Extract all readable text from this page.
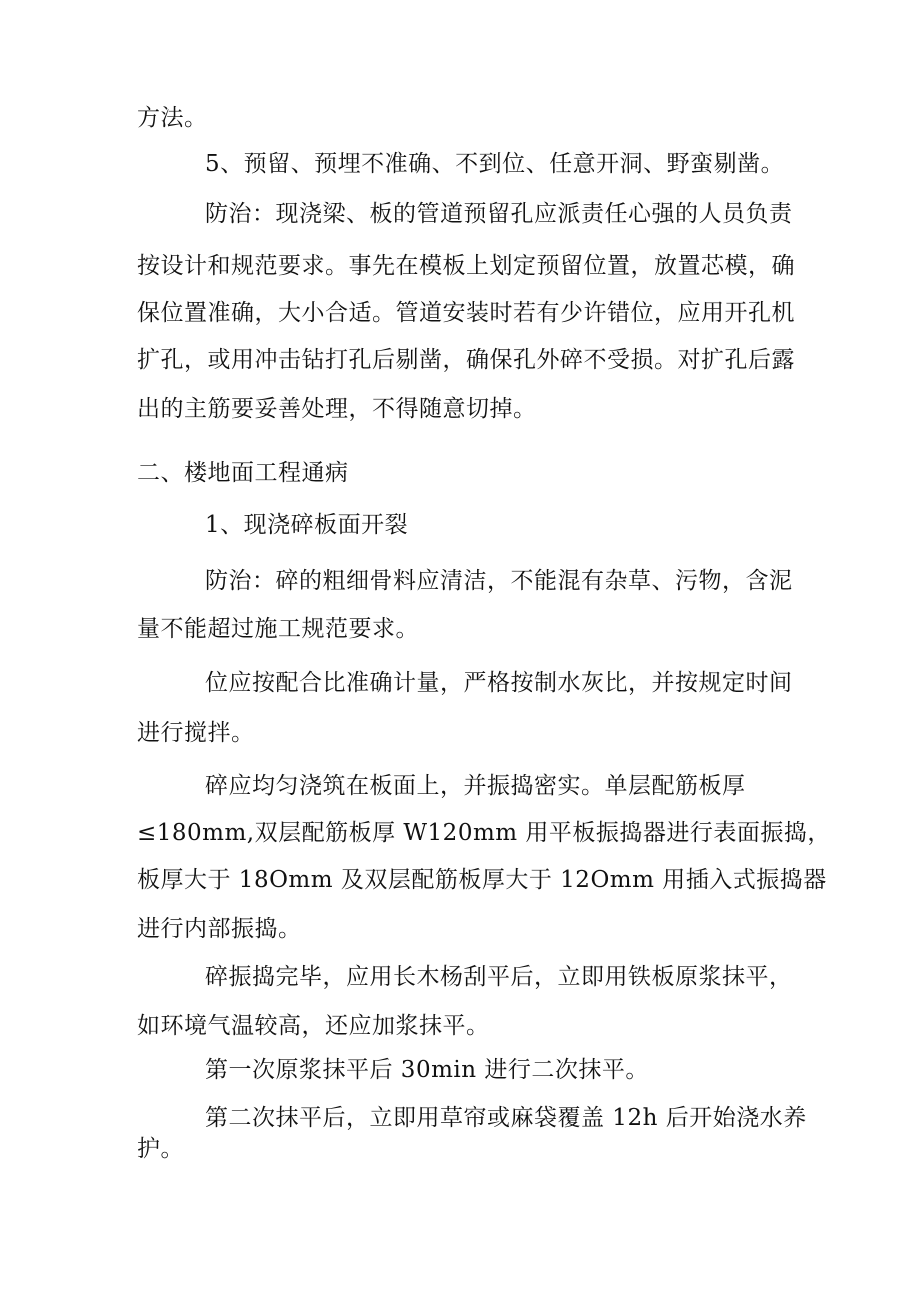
方法。
5、预留、预埋不准确、不到位、任意开洞、野蛮剔凿。
防治：现浇梁、板的管道预留孔应派责任心强的人员负责
按设计和规范要求。事先在模板上划定预留位置，放置芯模，确
保位置准确，大小合适。管道安装时若有少许错位，应用开孔机
扩孔，或用冲击钻打孔后剔凿，确保孔外碎不受损。对扩孔后露
出的主筋要妥善处理，不得随意切掉。
二、楼地面工程通病
1、现浇碎板面开裂
防治：碎的粗细骨料应清洁，不能混有杂草、污物，含泥
量不能超过施工规范要求。
位应按配合比准确计量，严格按制水灰比，并按规定时间
进行搅拌。
碎应均匀浇筑在板面上，并振捣密实。单层配筋板厚
≤180mm,双层配筋板厚 W120mm 用平板振捣器进行表面振捣，
板厚大于 18Omm 及双层配筋板厚大于 12Omm 用插入式振捣器
进行内部振捣。
碎振捣完毕，应用长木杨刮平后，立即用铁板原浆抹平，
如环境气温较高，还应加浆抹平。
第一次原浆抹平后 30min 进行二次抹平。
第二次抹平后，立即用草帘或麻袋覆盖 12h 后开始浇水养
护。
